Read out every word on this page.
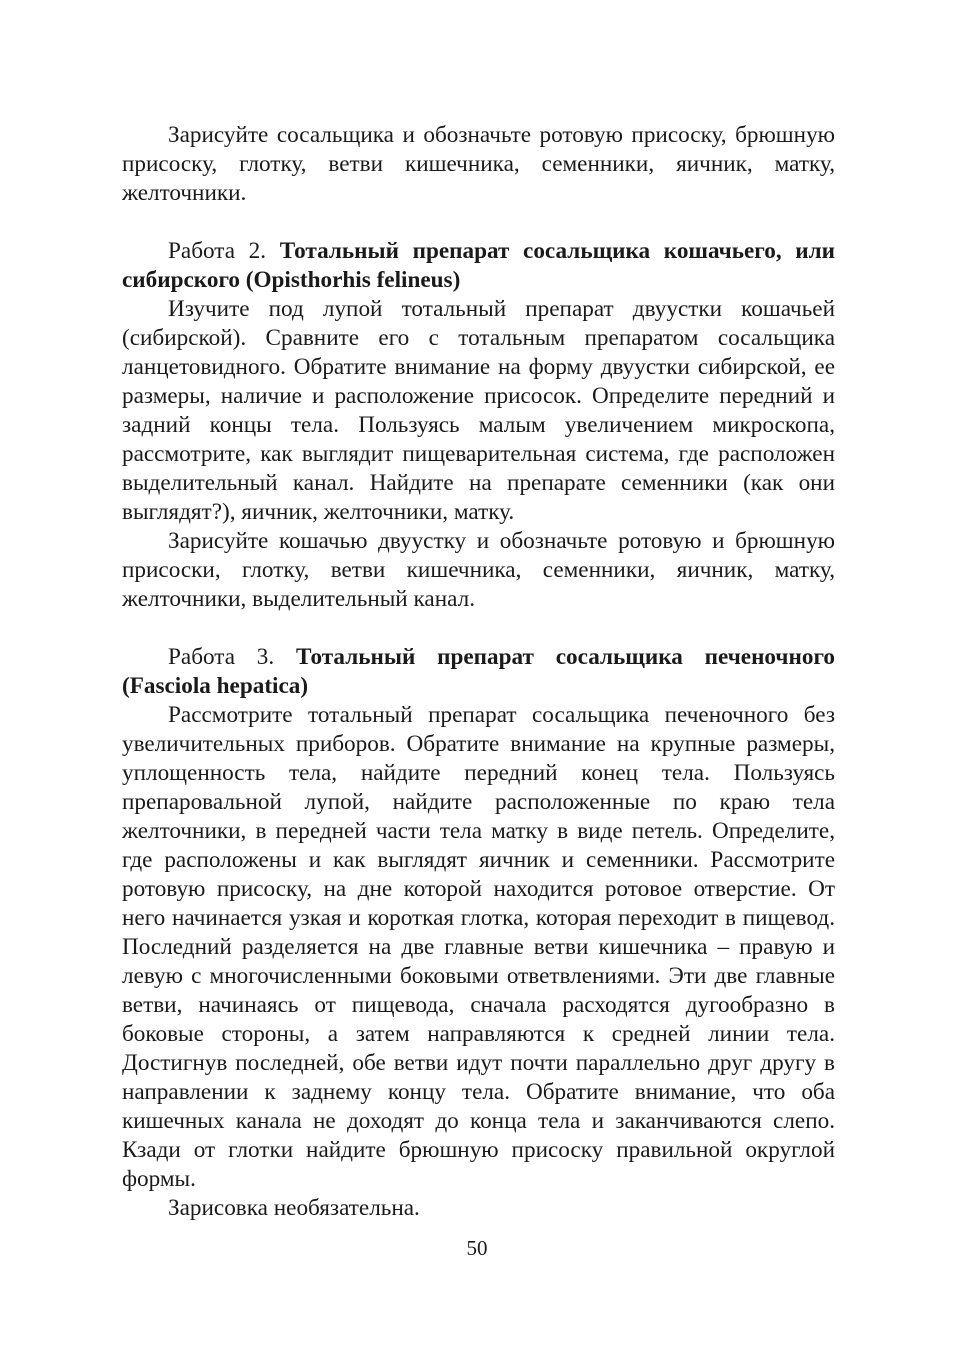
Зарисуйте сосальщика и обозначьте ротовую присоску, брюшную присоску, глотку, ветви кишечника, семенники, яичник, матку, желточники.

Работа 2. Тотальный препарат сосальщика кошачьего, или сибирского (Opisthorhis felineus)

Изучите под лупой тотальный препарат двуустки кошачьей (сибирской). Сравните его с тотальным препаратом сосальщика ланцетовидного. Обратите внимание на форму двуустки сибирской, ее размеры, наличие и расположение присосок. Определите передний и задний концы тела. Пользуясь малым увеличением микроскопа, рассмотрите, как выглядит пищеварительная система, где расположен выделительный канал. Найдите на препарате семенники (как они выглядят?), яичник, желточники, матку.

Зарисуйте кошачью двуустку и обозначьте ротовую и брюшную присоски, глотку, ветви кишечника, семенники, яичник, матку, желточники, выделительный канал.

Работа 3. Тотальный препарат сосальщика печеночного (Fasciola hepatica)

Рассмотрите тотальный препарат сосальщика печеночного без увеличительных приборов. Обратите внимание на крупные размеры, уплощенность тела, найдите передний конец тела. Пользуясь препаровальной лупой, найдите расположенные по краю тела желточники, в передней части тела матку в виде петель. Определите, где расположены и как выглядят яичник и семенники. Рассмотрите ротовую присоску, на дне которой находится ротовое отверстие. От него начинается узкая и короткая глотка, которая переходит в пищевод. Последний разделяется на две главные ветви кишечника – правую и левую с многочисленными боковыми ответвлениями. Эти две главные ветви, начинаясь от пищевода, сначала расходятся дугообразно в боковые стороны, а затем направляются к средней линии тела. Достигнув последней, обе ветви идут почти параллельно друг другу в направлении к заднему концу тела. Обратите внимание, что оба кишечных канала не доходят до конца тела и заканчиваются слепо. Кзади от глотки найдите брюшную присоску правильной округлой формы.

Зарисовка необязательна.

50
